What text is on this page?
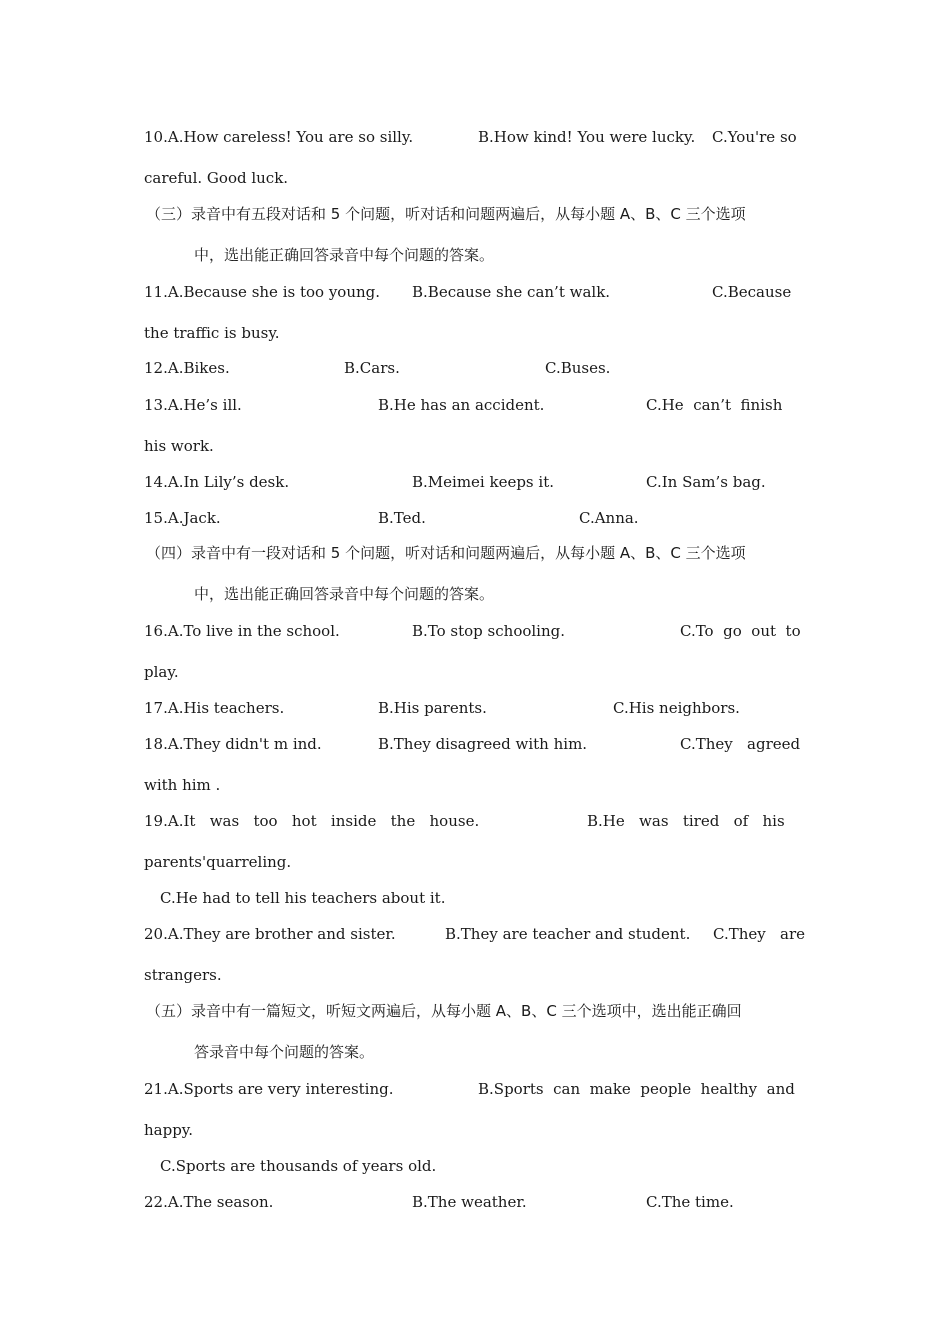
10.A.How careless! You are so silly.	B.How kind! You were lucky. C.You're so

careful. Good luck.

（三）录音中有五段对话和 5 个问题，听对话和问题两遍后，从每小题 A、B、C 三个选项

中，选出能正确回答录音中每个问题的答案。

11.A.Because she is too young. B.Because she can’t walk.	C.Because

the traffic is busy.

12.A.Bikes.	B.Cars.	C.Buses.
13.A.He’s ill.	B.He has an accident.	C.He  can’t  finish

his work.

14.A.In Lily’s desk.	B.Meimei keeps it.	C.In Sam’s bag.
15.A.Jack.	B.Ted.	C.Anna.

（四）录音中有一段对话和 5 个问题，听对话和问题两遍后，从每小题 A、B、C 三个选项

中，选出能正确回答录音中每个问题的答案。

16.A.To live in the school.	B.To stop schooling.	C.To  go  out  to

play.

17.A.His teachers.	B.His parents.	C.His neighbors.
18.A.They didn't m ind.	B.They disagreed with him.	C.They   agreed

with him .

19.A.It   was   too   hot   inside   the   house.	B.He   was   tired   of   his

parents'quarreling.

C.He had to tell his teachers about it.

20.A.They are brother and sister.	B.They are teacher and student. C.They   are

strangers.

（五）录音中有一篇短文，听短文两遍后，从每小题 A、B、C 三个选项中，选出能正确回

答录音中每个问题的答案。

21.A.Sports are very interesting.	B.Sports  can  make  people  healthy  and

happy.

C.Sports are thousands of years old.

22.A.The season.	B.The weather.	C.The time.
